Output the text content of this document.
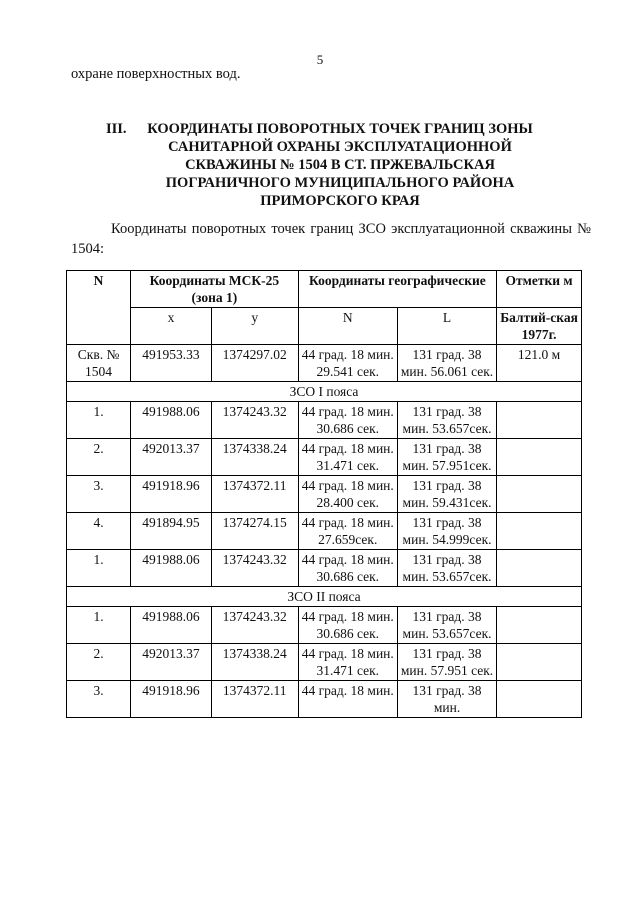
5
охране поверхностных вод.
III.	КООРДИНАТЫ ПОВОРОТНЫХ ТОЧЕК ГРАНИЦ ЗОНЫ
САНИТАРНОЙ ОХРАНЫ ЭКСПЛУАТАЦИОННОЙ
СКВАЖИНЫ № 1504 В СТ. ПРЖЕВАЛЬСКАЯ
ПОГРАНИЧНОГО МУНИЦИПАЛЬНОГО РАЙОНА
ПРИМОРСКОГО КРАЯ
Координаты поворотных точек границ ЗСО эксплуатационной скважины № 1504:
N	Координаты МСК-25 (зона 1)		Координаты географические		Отметки м
	x	y	N	L	Балтий-ская 1977г.
Скв. № 1504	491953.33	1374297.02	44 град. 18 мин. 29.541 сек.	131 град. 38 мин. 56.061 сек.	121.0 м
ЗСО I пояса					
1.	491988.06	1374243.32	44 град. 18 мин. 30.686 сек.	131 град. 38 мин. 53.657сек.	
2.	492013.37	1374338.24	44 град. 18 мин. 31.471 сек.	131 град. 38 мин. 57.951сек.	
3.	491918.96	1374372.11	44 град. 18 мин. 28.400 сек.	131 град. 38 мин. 59.431сек.	
4.	491894.95	1374274.15	44 град. 18 мин. 27.659сек.	131 град. 38 мин. 54.999сек.	
1.	491988.06	1374243.32	44 град. 18 мин. 30.686 сек.	131 град. 38 мин. 53.657сек.	
ЗСО II пояса					
1.	491988.06	1374243.32	44 град. 18 мин. 30.686 сек.	131 град. 38 мин. 53.657сек.	
2.	492013.37	1374338.24	44 град. 18 мин. 31.471 сек.	131 град. 38 мин. 57.951 сек.	
3.	491918.96	1374372.11	44 град. 18 мин.	131 град. 38 мин.	
